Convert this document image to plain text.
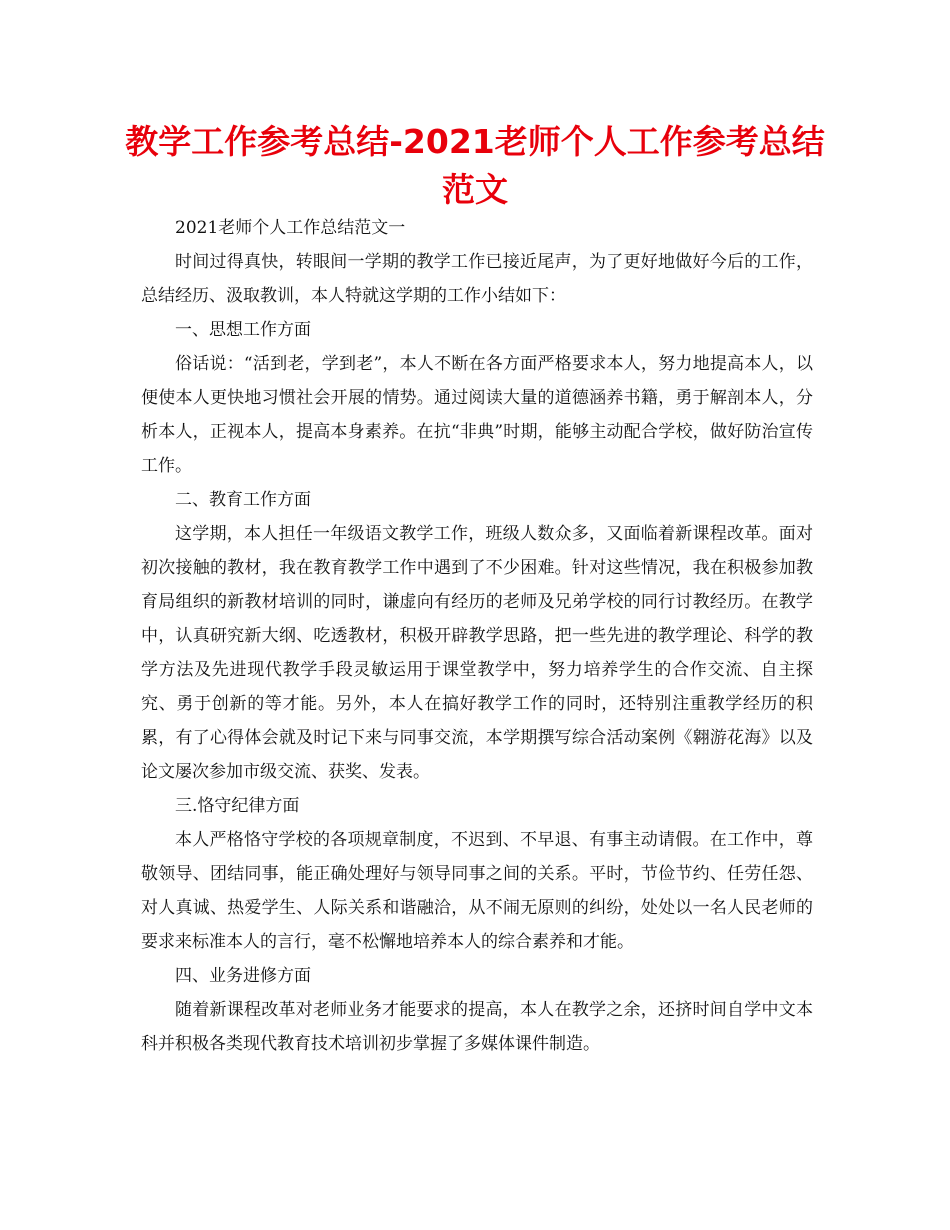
教学工作参考总结-2021老师个人工作参考总结范文

2021老师个人工作总结范文一

时间过得真快，转眼间一学期的教学工作已接近尾声，为了更好地做好今后的工作，总结经历、汲取教训，本人特就这学期的工作小结如下：

一、思想工作方面

俗话说：“活到老，学到老”，本人不断在各方面严格要求本人，努力地提高本人，以便使本人更快地习惯社会开展的情势。通过阅读大量的道德涵养书籍，勇于解剖本人，分析本人，正视本人，提高本身素养。在抗“非典”时期，能够主动配合学校，做好防治宣传工作。

二、教育工作方面

这学期，本人担任一年级语文教学工作，班级人数众多，又面临着新课程改革。面对初次接触的教材，我在教育教学工作中遇到了不少困难。针对这些情况，我在积极参加教育局组织的新教材培训的同时，谦虚向有经历的老师及兄弟学校的同行讨教经历。在教学中，认真研究新大纲、吃透教材，积极开辟教学思路，把一些先进的教学理论、科学的教学方法及先进现代教学手段灵敏运用于课堂教学中，努力培养学生的合作交流、自主探究、勇于创新的等才能。另外，本人在搞好教学工作的同时，还特别注重教学经历的积累，有了心得体会就及时记下来与同事交流，本学期撰写综合活动案例《翱游花海》以及论文屡次参加市级交流、获奖、发表。

三.恪守纪律方面

本人严格恪守学校的各项规章制度，不迟到、不早退、有事主动请假。在工作中，尊敬领导、团结同事，能正确处理好与领导同事之间的关系。平时，节俭节约、任劳任怨、对人真诚、热爱学生、人际关系和谐融洽，从不闹无原则的纠纷，处处以一名人民老师的要求来标准本人的言行，毫不松懈地培养本人的综合素养和才能。

四、业务进修方面

随着新课程改革对老师业务才能要求的提高，本人在教学之余，还挤时间自学中文本科并积极各类现代教育技术培训初步掌握了多媒体课件制造。
